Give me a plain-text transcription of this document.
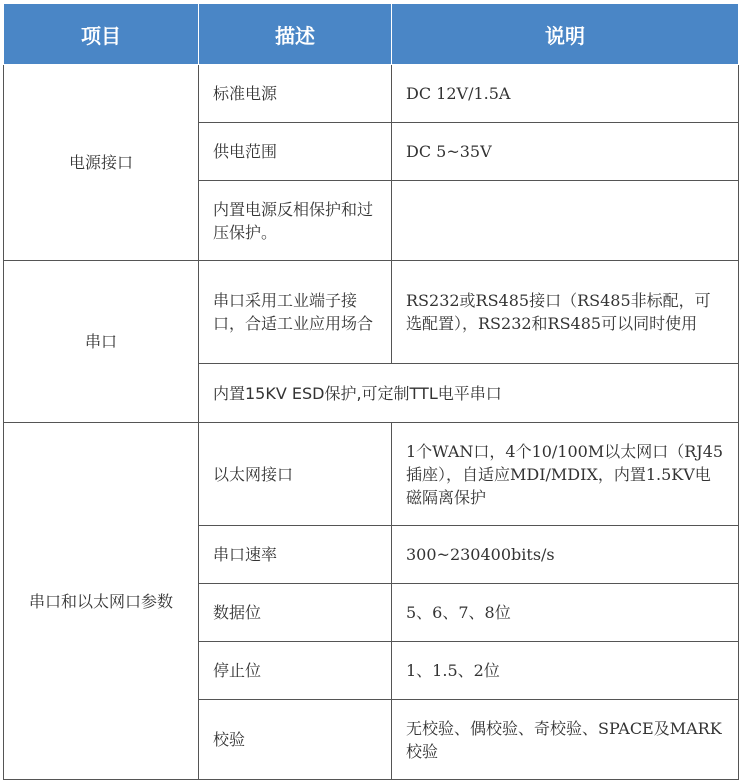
项目	描述	说明
电源接口	标准电源	DC 12V/1.5A
	供电范围	DC 5~35V
	内置电源反相保护和过压保护。	
串口	串口采用工业端子接口，合适工业应用场合	RS232或RS485接口（RS485非标配，可选配置），RS232和RS485可以同时使用
	内置15KV ESD保护,可定制TTL电平串口	
串口和以太网口参数	以太网接口	1个WAN口，4个10/100M以太网口（RJ45插座），自适应MDI/MDIX，内置1.5KV电磁隔离保护
	串口速率	300~230400bits/s
	数据位	5、6、7、8位
	停止位	1、1.5、2位
	校验	无校验、偶校验、奇校验、SPACE及MARK校验
